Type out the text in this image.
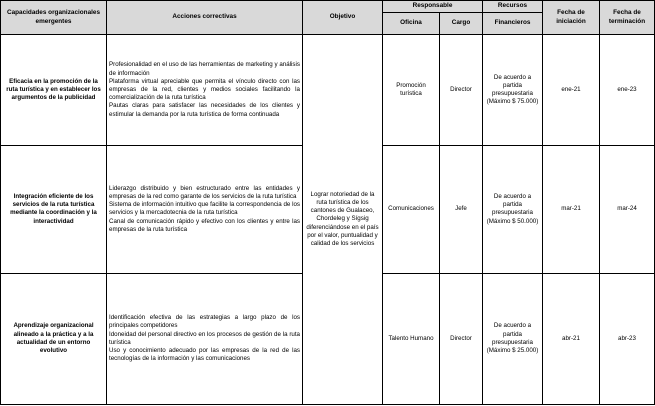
Capacidades organizacionales emergentes	Acciones correctivas	Objetivo	Responsable		Recursos	Fecha de iniciación	Fecha de terminación
			Oficina	Cargo	Financieros		
Eficacia en la promoción de la ruta turística y en establecer los argumentos de la publicidad	Profesionalidad en el uso de las herramientas de marketing y análisis de información
Plataforma virtual apreciable que permita el vínculo directo con las empresas de la red, clientes y medios sociales facilitando la comercialización de la ruta turística
Pautas claras para satisfacer las necesidades de los clientes y estimular la demanda por la ruta turística de forma continuada	Lograr notoriedad de la ruta turística de los cantones de Gualaceo, Chordeleg y Sígsig diferenciándose en el país por el valor, puntualidad y calidad de los servicios	Promoción turística	Director	De acuerdo a partida presupuestaria (Máximo $ 75.000)	ene-21	ene-23
Integración eficiente de los servicios de la ruta turística mediante la coordinación y la interactividad	Liderazgo distribuido y bien estructurado entre las entidades y empresas de la red como garante de los servicios de la ruta turística
Sistema de información intuitivo que facilite la correspondencia de los servicios y la mercadotecnia de la ruta turística
Canal de comunicación rápido y efectivo con los clientes y entre las empresas de la ruta turística		Comunicaciones	Jefe	De acuerdo a partida presupuestaria (Máximo $ 50.000)	mar-21	mar-24
Aprendizaje organizacional alineado a la práctica y a la actualidad de un entorno evolutivo	Identificación efectiva de las estrategias a largo plazo de los principales competidores
Idoneidad del personal directivo en los procesos de gestión de la ruta turística
Uso y conocimiento adecuado por las empresas de la red de las tecnologías de la información y las comunicaciones		Talento Humano	Director	De acuerdo a partida presupuestaria (Máximo $ 25.000)	abr-21	abr-23
